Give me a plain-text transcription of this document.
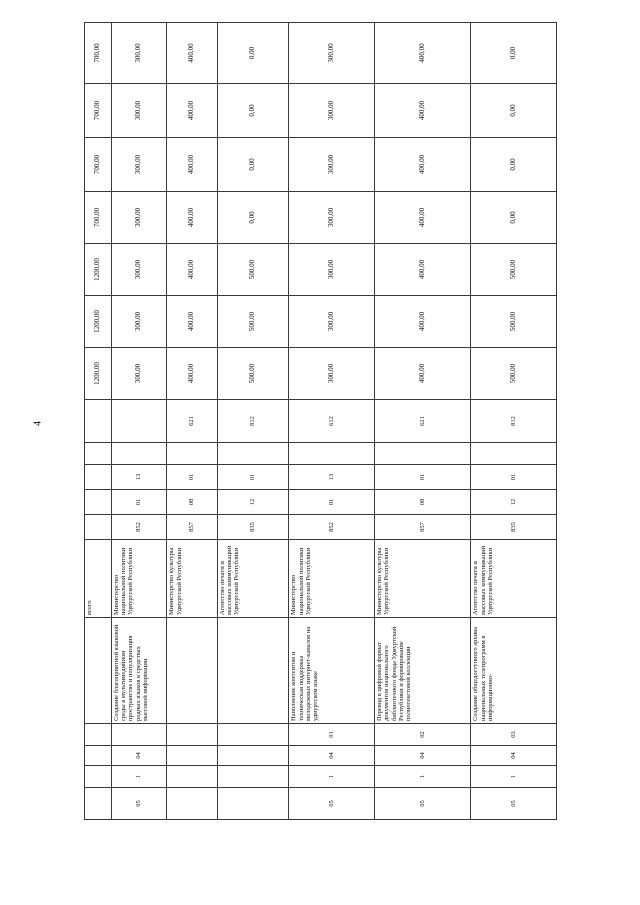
4
					всего						1200,00	1200,00	1200,00	700,00	700,00	700,00	700,00
05	1	04		Создание благоприятной языковой среды в мультимедийном пространстве и популяризация родных языков в средствах массовой информации	Министерство национальной политики Удмуртской Республики	852	01	13			300,00	300,00	300,00	300,00	300,00	300,00	300,00
					Министерство культуры Удмуртской Республики	857	08	01		621	400,00	400,00	400,00	400,00	400,00	400,00	400,00
					Агентство печати и массовых коммуникаций Удмуртской Республики	835	12	01		812	500,00	500,00	500,00	0,00	0,00	0,00	0,00
05	1	04	01	Наполнение контентом и техническая поддержка молодежных интернет-каналов на удмуртском языке	Министерство национальной политики Удмуртской Республики	852	01	13		612	300,00	300,00	300,00	300,00	300,00	300,00	300,00
05	1	04	02	Перевод в цифровой формат документов национального библиотечного фонда Удмуртской Республики и формирование полнотекстовой коллекции	Министерство культуры Удмуртской Республики	857	08	01		621	400,00	400,00	400,00	400,00	400,00	400,00	400,00
05	1	04	03	Создание общедоступного архива национальных телепрограмм в информационно-	Агентство печати и массовых коммуникаций Удмуртской Республики	835	12	01		812	500,00	500,00	500,00	0,00	0,00	0,00	0,00
